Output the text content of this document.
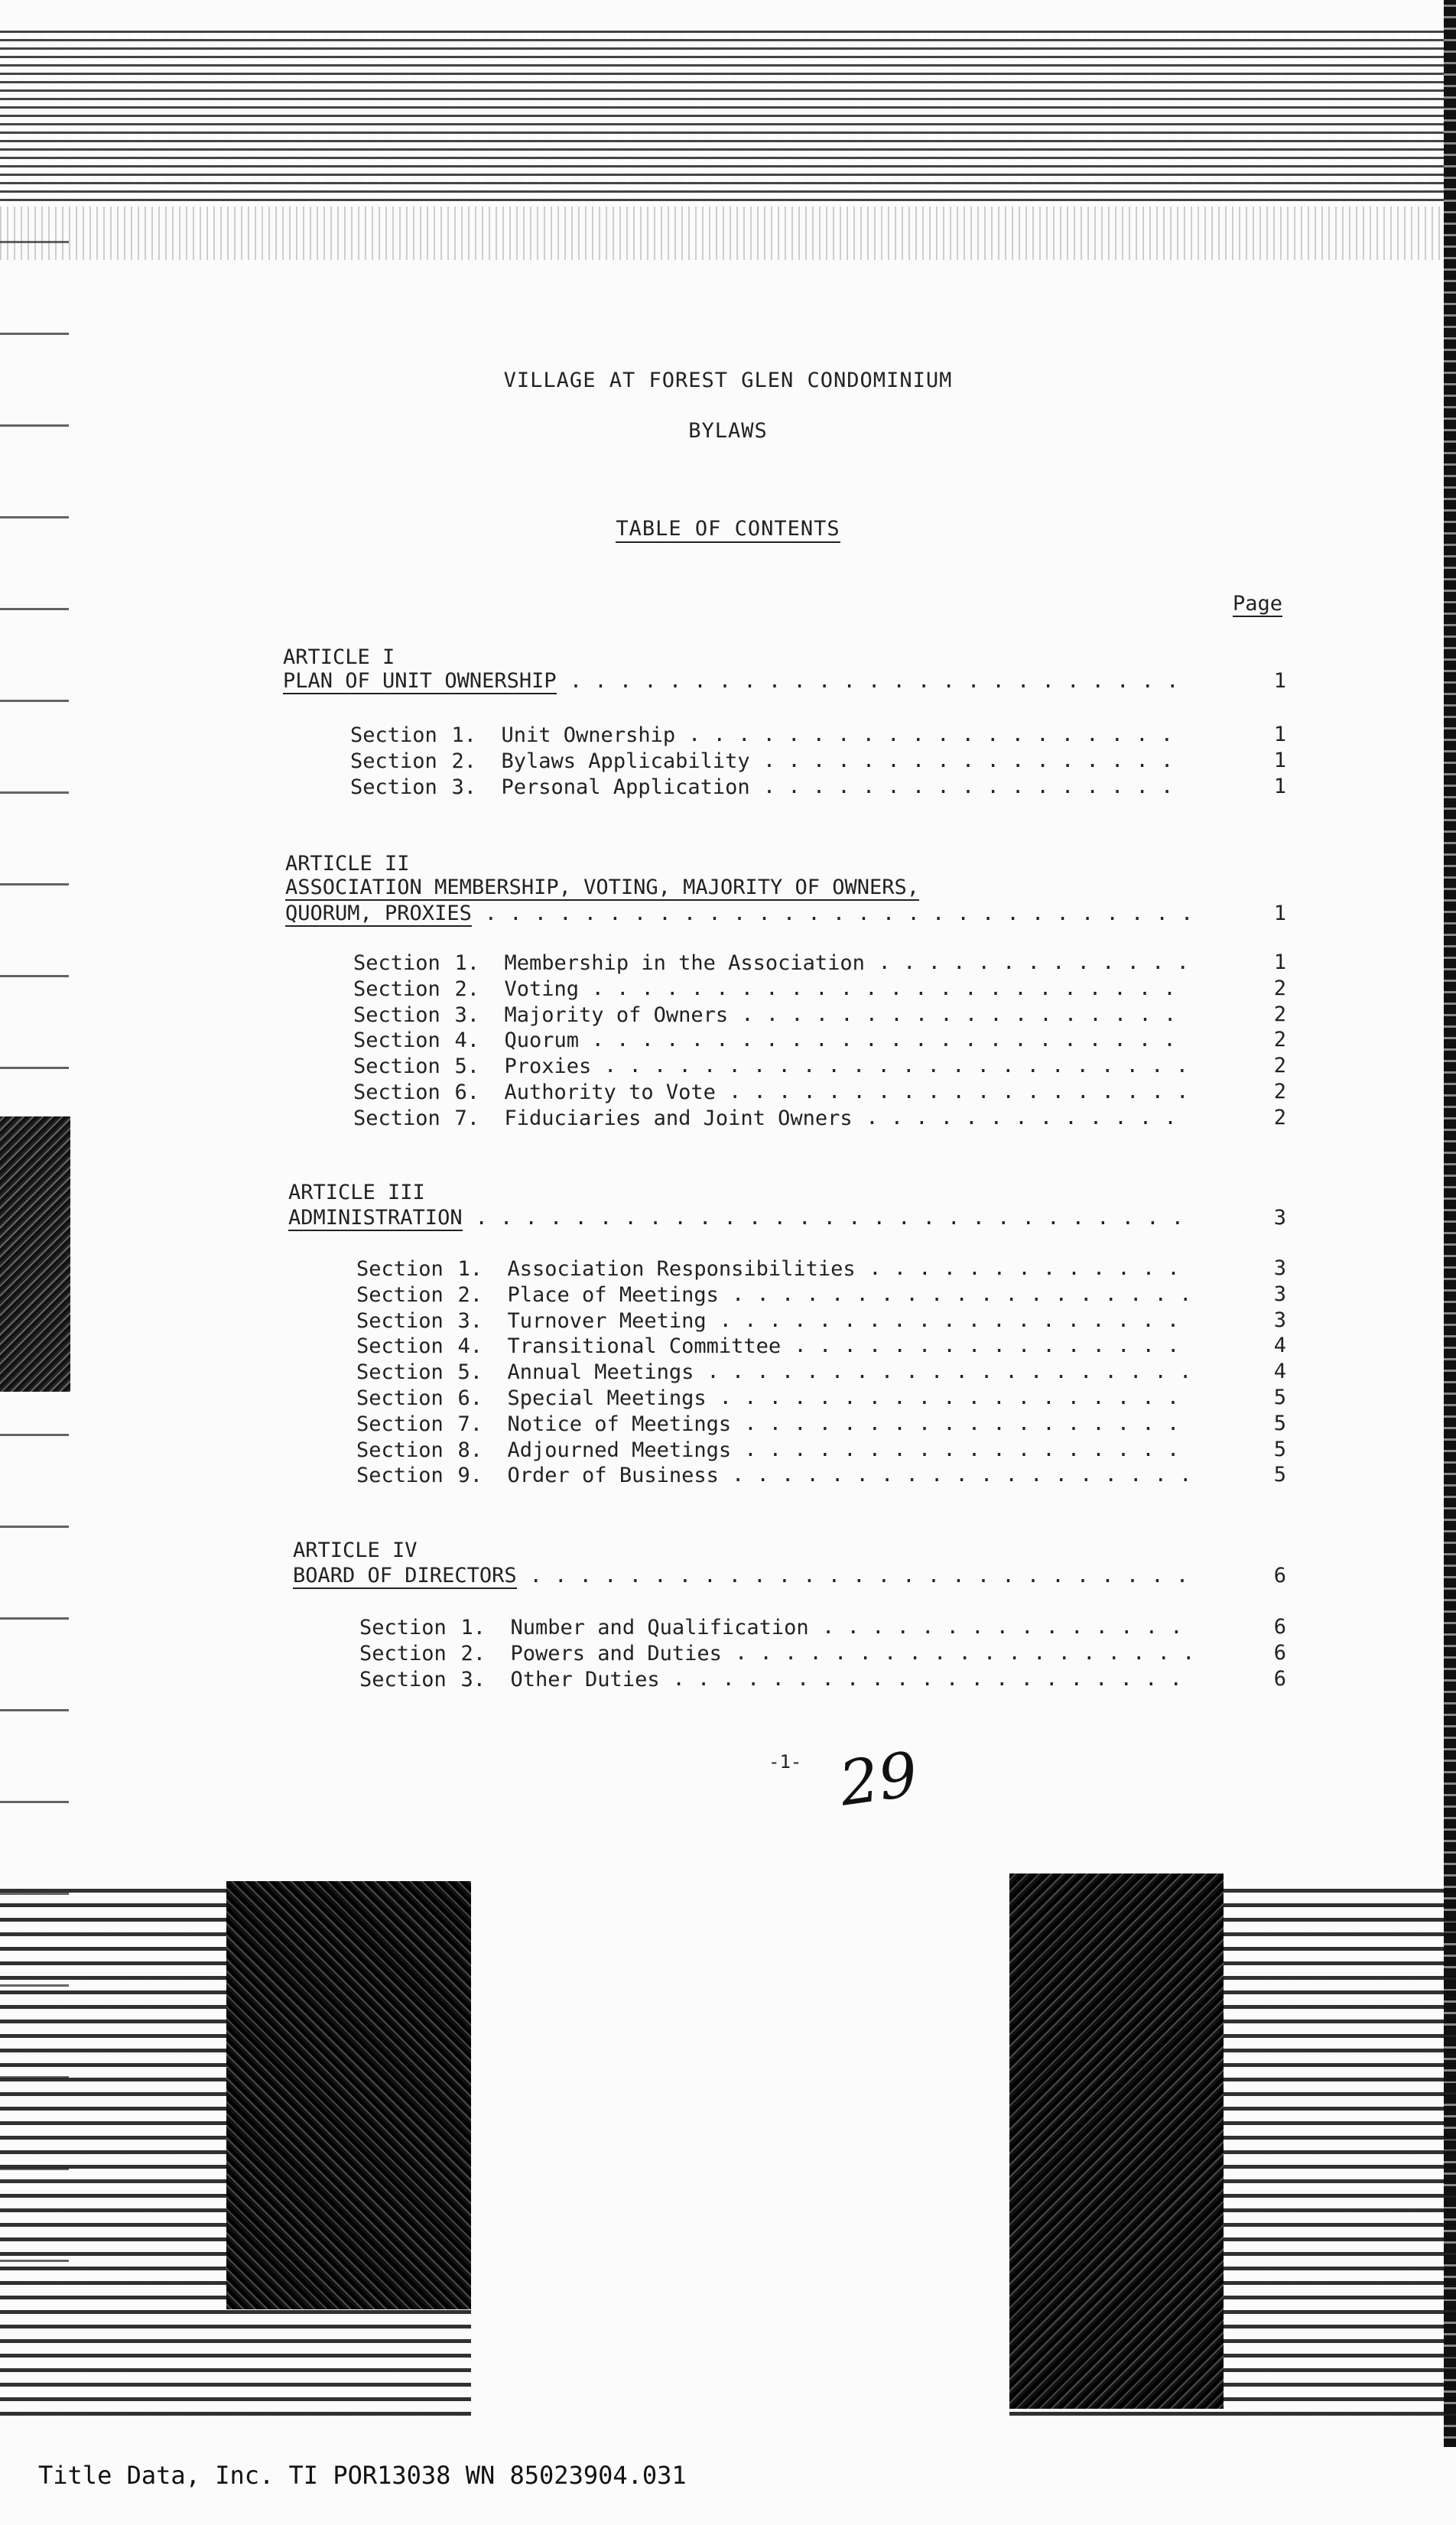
VILLAGE AT FOREST GLEN CONDOMINIUM
BYLAWS
TABLE OF CONTENTS
Page
ARTICLE I
PLAN OF UNIT OWNERSHIP . . . . . . . . . . . . . . . . . . . . . . . . .	1
Section 1. Unit Ownership . . . . . . . . . . . . . . . . . . . .	1
Section 2. Bylaws Applicability . . . . . . . . . . . . . . . . .	1
Section 3. Personal Application . . . . . . . . . . . . . . . . .	1
ARTICLE II
ASSOCIATION MEMBERSHIP, VOTING, MAJORITY OF OWNERS,
QUORUM, PROXIES . . . . . . . . . . . . . . . . . . . . . . . . . . . . .	1
Section 1. Membership in the Association . . . . . . . . . . . . .	1
Section 2. Voting . . . . . . . . . . . . . . . . . . . . . . . .	2
Section 3. Majority of Owners . . . . . . . . . . . . . . . . . .	2
Section 4. Quorum . . . . . . . . . . . . . . . . . . . . . . . .	2
Section 5. Proxies . . . . . . . . . . . . . . . . . . . . . . . .	2
Section 6. Authority to Vote . . . . . . . . . . . . . . . . . . .	2
Section 7. Fiduciaries and Joint Owners . . . . . . . . . . . . .	2
ARTICLE III
ADMINISTRATION . . . . . . . . . . . . . . . . . . . . . . . . . . . . .	3
Section 1. Association Responsibilities . . . . . . . . . . . . .	3
Section 2. Place of Meetings . . . . . . . . . . . . . . . . . . .	3
Section 3. Turnover Meeting . . . . . . . . . . . . . . . . . . .	3
Section 4. Transitional Committee . . . . . . . . . . . . . . . .	4
Section 5. Annual Meetings . . . . . . . . . . . . . . . . . . . .	4
Section 6. Special Meetings . . . . . . . . . . . . . . . . . . .	5
Section 7. Notice of Meetings . . . . . . . . . . . . . . . . . .	5
Section 8. Adjourned Meetings . . . . . . . . . . . . . . . . . .	5
Section 9. Order of Business . . . . . . . . . . . . . . . . . . .	5
ARTICLE IV
BOARD OF DIRECTORS . . . . . . . . . . . . . . . . . . . . . . . . . . .	6
Section 1. Number and Qualification . . . . . . . . . . . . . . .	6
Section 2. Powers and Duties . . . . . . . . . . . . . . . . . . .	6
Section 3. Other Duties . . . . . . . . . . . . . . . . . . . . .	6
-1- 29
Title Data, Inc. TI POR13038 WN 85023904.031
